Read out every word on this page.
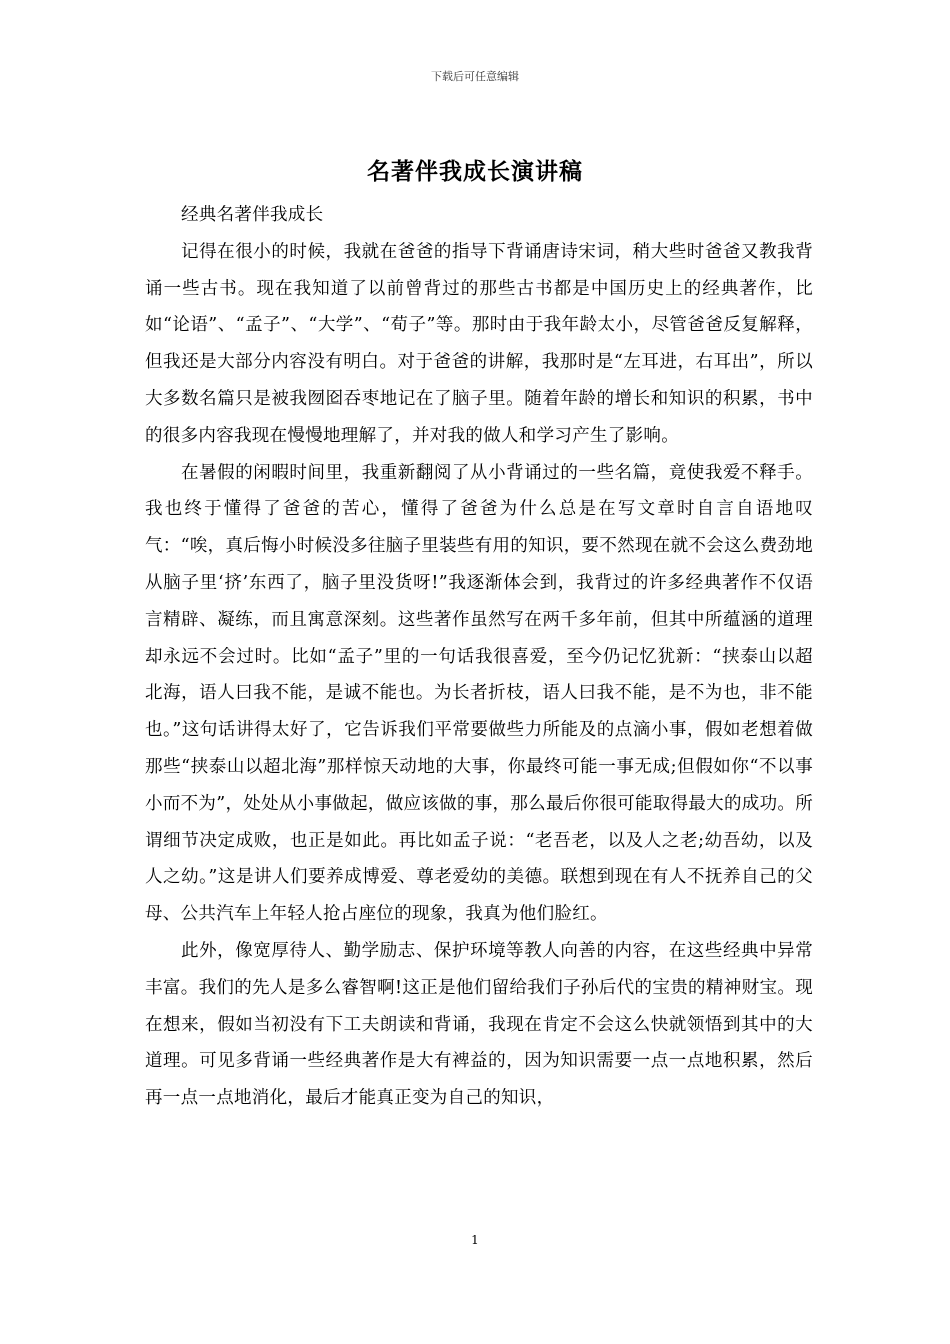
下载后可任意编辑
名著伴我成长演讲稿

经典名著伴我成长

记得在很小的时候，我就在爸爸的指导下背诵唐诗宋词，稍大些时爸爸又教我背诵一些古书。现在我知道了以前曾背过的那些古书都是中国历史上的经典著作，比如“论语”、“孟子”、“大学”、“荀子”等。那时由于我年龄太小，尽管爸爸反复解释，但我还是大部分内容没有明白。对于爸爸的讲解，我那时是“左耳进，右耳出”，所以大多数名篇只是被我囫囵吞枣地记在了脑子里。随着年龄的增长和知识的积累，书中的很多内容我现在慢慢地理解了，并对我的做人和学习产生了影响。

在暑假的闲暇时间里，我重新翻阅了从小背诵过的一些名篇，竟使我爱不释手。我也终于懂得了爸爸的苦心，懂得了爸爸为什么总是在写文章时自言自语地叹气：“唉，真后悔小时候没多往脑子里装些有用的知识，要不然现在就不会这么费劲地从脑子里‘挤’东西了，脑子里没货呀!”我逐渐体会到，我背过的许多经典著作不仅语言精辟、凝练，而且寓意深刻。这些著作虽然写在两千多年前，但其中所蕴涵的道理却永远不会过时。比如“孟子”里的一句话我很喜爱，至今仍记忆犹新：“挟泰山以超北海，语人曰我不能，是诚不能也。为长者折枝，语人曰我不能，是不为也，非不能也。”这句话讲得太好了，它告诉我们平常要做些力所能及的点滴小事，假如老想着做那些“挟泰山以超北海”那样惊天动地的大事，你最终可能一事无成;但假如你“不以事小而不为”，处处从小事做起，做应该做的事，那么最后你很可能取得最大的成功。所谓细节决定成败，也正是如此。再比如孟子说：“老吾老，以及人之老;幼吾幼，以及人之幼。”这是讲人们要养成博爱、尊老爱幼的美德。联想到现在有人不抚养自己的父母、公共汽车上年轻人抢占座位的现象，我真为他们脸红。

此外，像宽厚待人、勤学励志、保护环境等教人向善的内容，在这些经典中异常丰富。我们的先人是多么睿智啊!这正是他们留给我们子孙后代的宝贵的精神财宝。现在想来，假如当初没有下工夫朗读和背诵，我现在肯定不会这么快就领悟到其中的大道理。可见多背诵一些经典著作是大有裨益的，因为知识需要一点一点地积累，然后再一点一点地消化，最后才能真正变为自己的知识，

1
